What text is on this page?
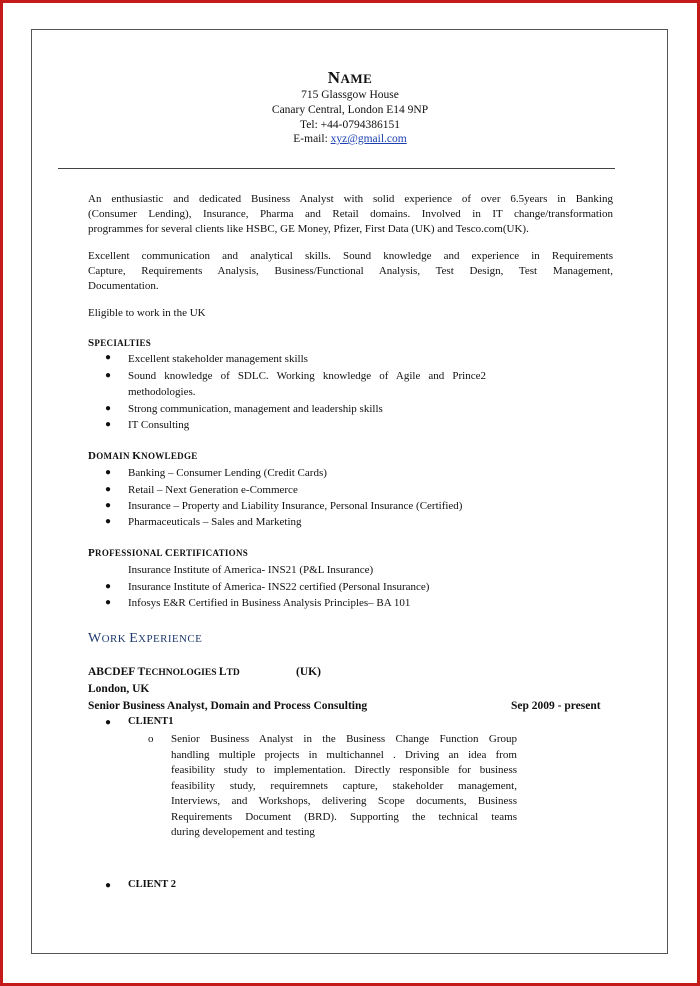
NAME
715 Glassgow House
Canary Central, London E14 9NP
Tel: +44-0794386151
E-mail: xyz@gmail.com
An enthusiastic and dedicated Business Analyst with solid experience of over 6.5years in Banking
(Consumer Lending), Insurance, Pharma and Retail domains. Involved in IT change/transformation
programmes for several clients like HSBC, GE Money, Pfizer, First Data (UK) and Tesco.com(UK).
Excellent communication and analytical skills. Sound knowledge and experience in Requirements
Capture, Requirements Analysis, Business/Functional Analysis, Test Design, Test Management,
Documentation.
Eligible to work in the UK
SPECIALTIES
● Excellent stakeholder management skills
● Sound knowledge of SDLC. Working knowledge of Agile and Prince2
methodologies.
● Strong communication, management and leadership skills
● IT Consulting
DOMAIN KNOWLEDGE
● Banking – Consumer Lending (Credit Cards)
● Retail – Next Generation e-Commerce
● Insurance – Property and Liability Insurance, Personal Insurance (Certified)
● Pharmaceuticals – Sales and Marketing
PROFESSIONAL CERTIFICATIONS
Insurance Institute of America- INS21 (P&L Insurance)
● Insurance Institute of America- INS22 certified (Personal Insurance)
● Infosys E&R Certified in Business Analysis Principles– BA 101
WORK EXPERIENCE
ABCDEF TECHNOLOGIES LTD	(UK)
London, UK
Senior Business Analyst, Domain and Process Consulting	Sep 2009 - present
● CLIENT1
o Senior Business Analyst in the Business Change Function Group
handling multiple projects in multichannel . Driving an idea from
feasibility study to implementation. Directly responsible for business
feasibility study, requiremnets capture, stakeholder management,
Interviews, and Workshops, delivering Scope documents, Business
Requirements Document (BRD). Supporting the technical teams
during developement and testing
● CLIENT 2
